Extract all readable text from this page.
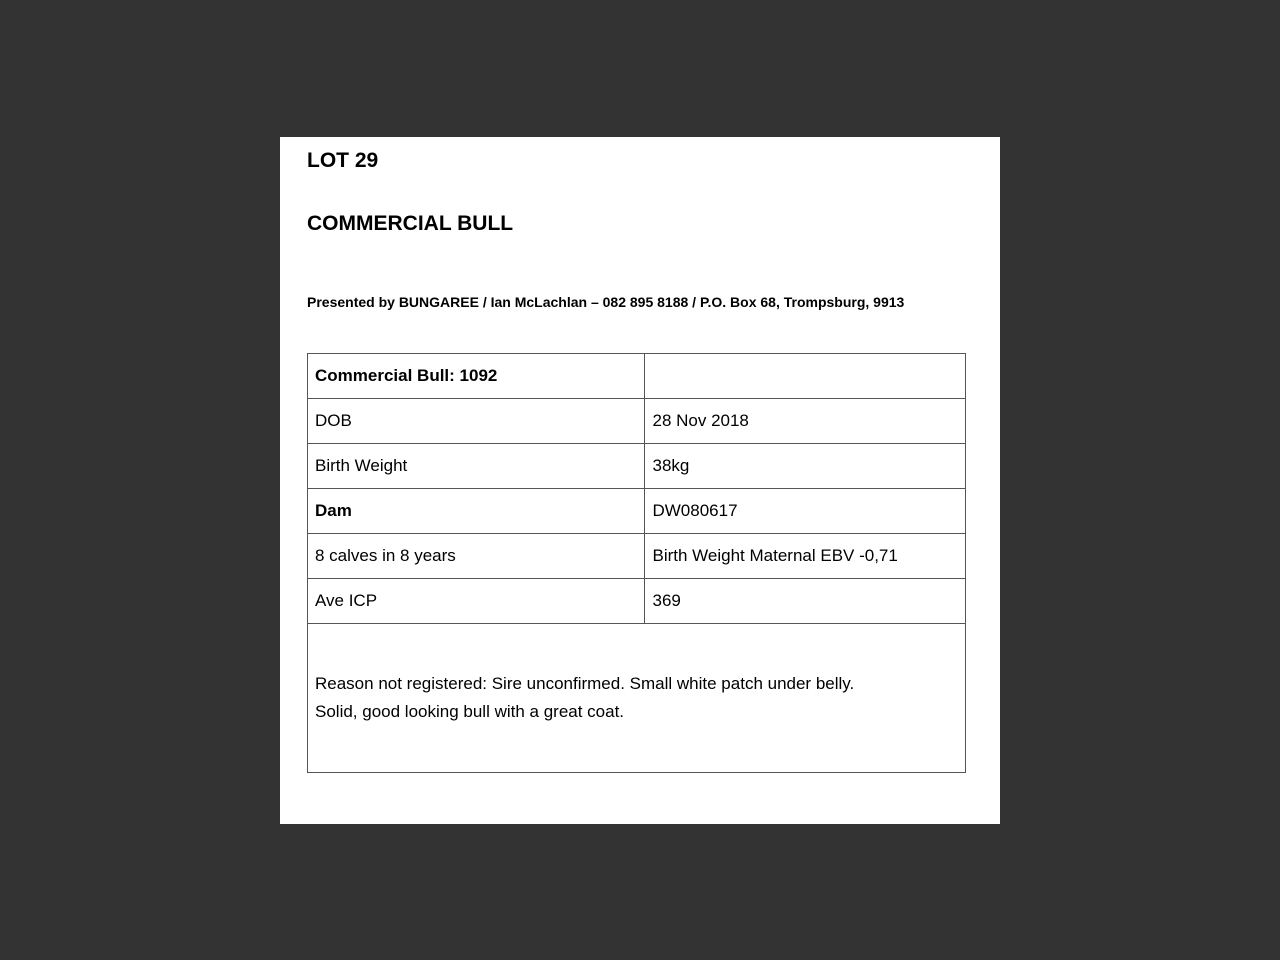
LOT 29
COMMERCIAL BULL

Presented by BUNGAREE / Ian McLachlan – 082 895 8188 / P.O. Box 68, Trompsburg, 9913

Commercial Bull: 1092	
DOB	28 Nov 2018
Birth Weight	38kg
Dam	DW080617
8 calves in 8 years	Birth Weight Maternal EBV -0,71
Ave ICP	369

Reason not registered: Sire unconfirmed. Small white patch under belly.

Solid, good looking bull with a great coat.	
